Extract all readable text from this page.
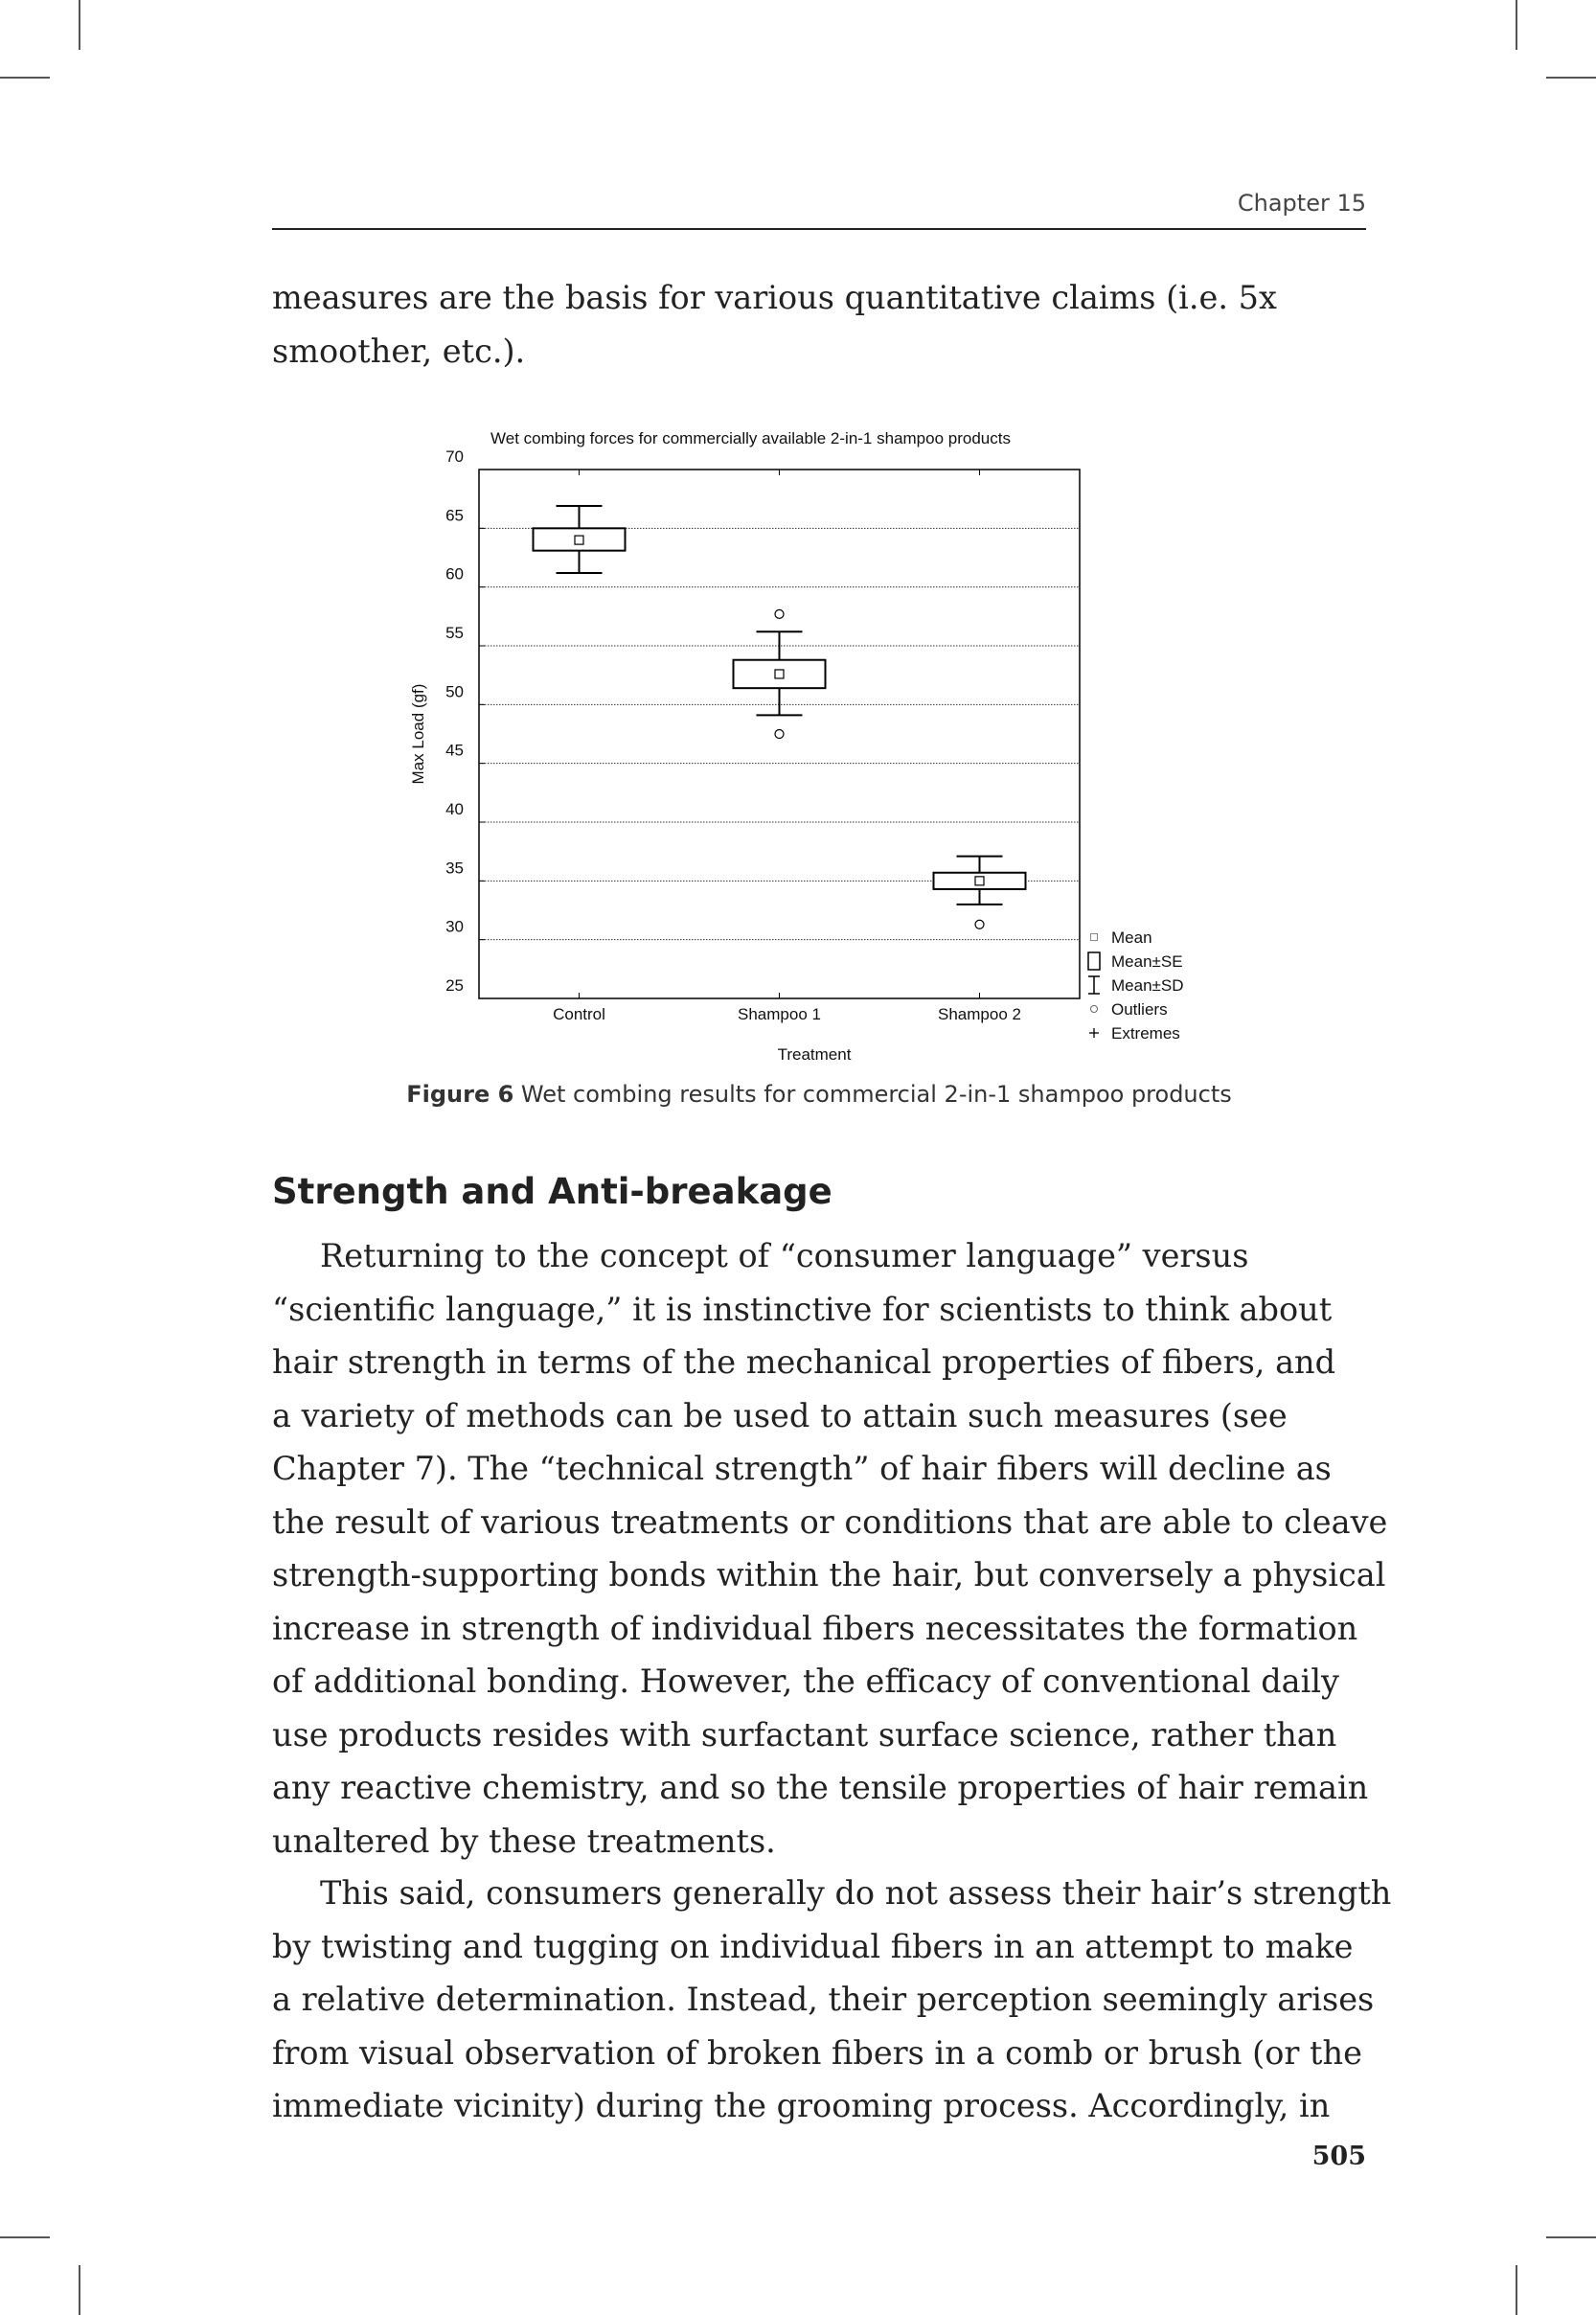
Chapter 15
measures are the basis for various quantitative claims (i.e. 5x
smoother, etc.).
25
30
35
40
45
50
55
60
65
70
Control	Shampoo 1	Shampoo 2
Wet combing forces for commercially available 2-in-1 shampoo products
Treatment
Max Load (gf)
Mean
Mean±SE
Mean±SD
Outliers
Extremes
Figure 6 Wet combing results for commercial 2-in-1 shampoo products
Strength and Anti-breakage
Returning to the concept of “consumer language” versus
“scientific language,” it is instinctive for scientists to think about
hair strength in terms of the mechanical properties of fibers, and
a variety of methods can be used to attain such measures (see
Chapter 7). The “technical strength” of hair fibers will decline as
the result of various treatments or conditions that are able to cleave
strength-supporting bonds within the hair, but conversely a physical
increase in strength of individual fibers necessitates the formation
of additional bonding. However, the efficacy of conventional daily
use products resides with surfactant surface science, rather than
any reactive chemistry, and so the tensile properties of hair remain
unaltered by these treatments.
This said, consumers generally do not assess their hair’s strength
by twisting and tugging on individual fibers in an attempt to make
a relative determination. Instead, their perception seemingly arises
from visual observation of broken fibers in a comb or brush (or the
immediate vicinity) during the grooming process. Accordingly, in
505
